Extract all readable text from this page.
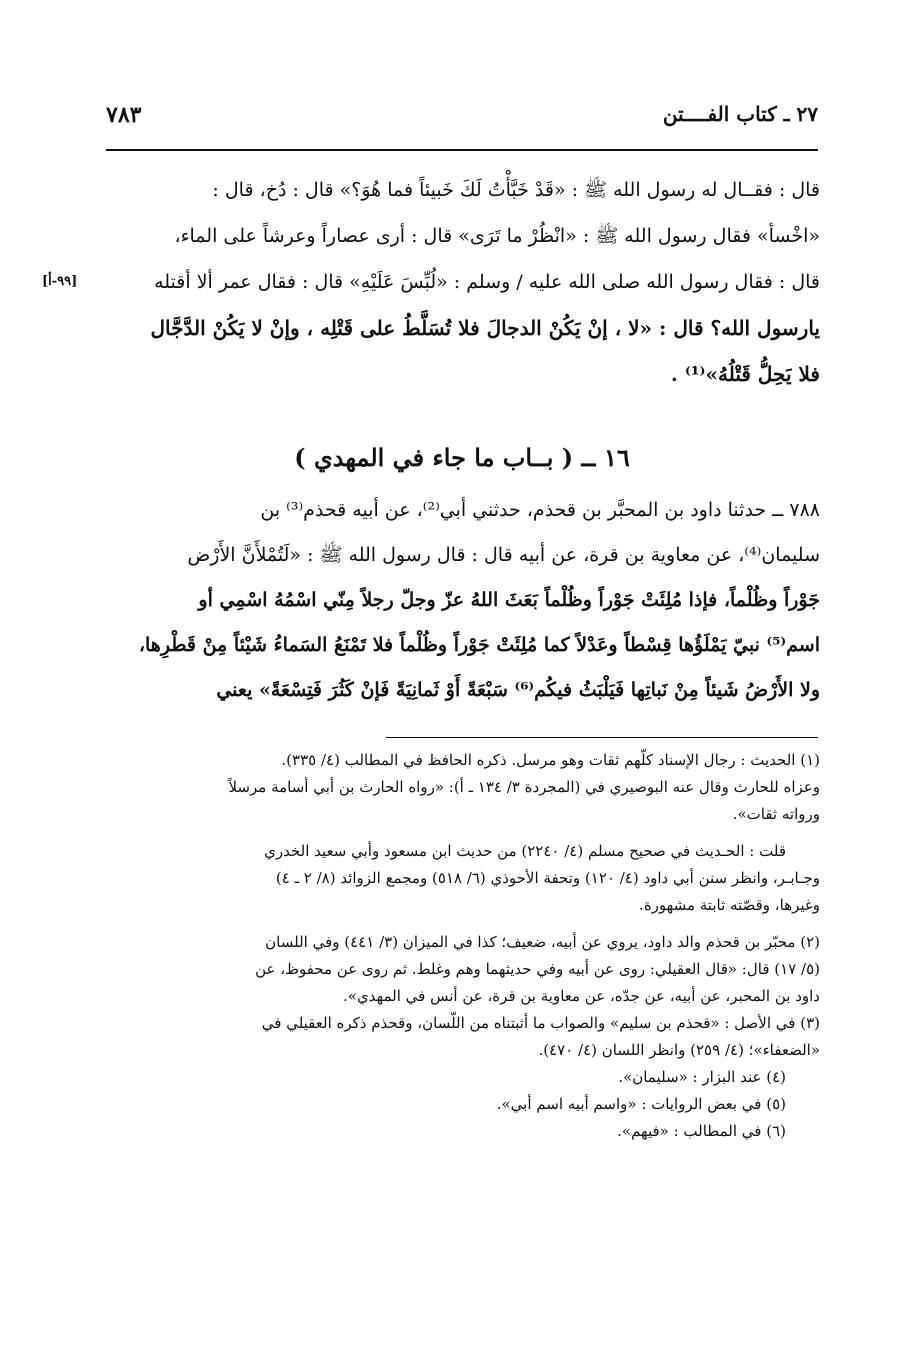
٢٧ ـ كتاب الفــــتن
٧٨٣
قال : فقــال له رسول الله ﷺ : «قَدْ خَبَّأْتُ لَكَ خَبيئاً فما هُوَ؟» قال : دُخ، قال :
«اخْسأ» فقال رسول الله ﷺ : «انْظُرْ ما تَرَى» قال : أرى عصاراً وعرشاً على الماء،
قال : فقال رسول الله صلى الله عليه / وسلم : «لُبِّسَ عَلَيْهِ» قال : فقال عمر ألا أقتله
[٩٩-أ]
يارسول الله؟ قال : «لا ، إنْ يَكُنْ الدجالَ فلا تُسَلَّطُ على قَتْلِه ، وإنْ لا يَكُنْ الدَّجَّال
فلا يَحِلُّ قَتْلُهُ»⁽¹⁾ .
١٦ ــ ( بــاب ما جاء في المهدي )
٧٨٨ ــ حدثنا داود بن المحبَّر بن قحذم، حدثني أبي⁽²⁾، عن أبيه قحذم⁽³⁾ بن
سليمان⁽⁴⁾، عن معاوية بن قرة، عن أبيه قال : قال رسول الله ﷺ : «لَتُمْلأَنَّ الأَرْض
جَوْراً وظُلْماً، فإذا مُلِئَتْ جَوْراً وظُلْماً بَعَثَ اللهُ عزّ وجلّ رجلاً مِنّي اسْمُهُ اسْمِي أو
اسم⁽⁵⁾ نبيّ يَمْلَؤُها قِسْطاً وعَدْلاً كما مُلِئَتْ جَوْراً وظُلْماً فلا تَمْنَعُ السَماءُ شَيْئاً مِنْ قَطْرِها،
ولا الأَرْضُ شَيئاً مِنْ نَباتِها فَيَلْبَثُ فيكُم⁽⁶⁾ سَبْعَةً أَوْ ثَمانِيَةً فَإنْ كَثُرَ فَتِسْعَةً» يعني
(١) الحديث : رجال الإسناد كلّهم ثقات وهو مرسل. ذكره الحافظ في المطالب (٤/ ٣٣٥).
وعزاه للحارث وقال عنه البوصيري في (المجردة ٣/ ١٣٤ ـ أ): «رواه الحارث بن أبي أسامة مرسلاً
ورواته ثقات».
قلت : الحـديث في صحيح مسلم (٤/ ٢٢٤٠) من حديث ابن مسعود وأبي سعيد الخدري
وجـابـر، وانظر سنن أبي داود (٤/ ١٢٠) وتحفة الأحوذي (٦/ ٥١٨) ومجمع الزوائد (٨/ ٢ ـ ٤)
وغيرها، وقصّته ثابتة مشهورة.
(٢) محبّر بن قحذم والد داود، يروي عن أبيه، ضعيف؛ كذا في الميزان (٣/ ٤٤١) وفي اللسان
(٥/ ١٧) قال: «قال العقيلي: روى عن أبيه وفي حديثهما وهم وغلط. ثم روى عن محفوظ، عن
داود بن المحبر، عن أبيه، عن جدّه، عن معاوية بن قرة، عن أنس في المهدي».
(٣) في الأصل : «قحذم بن سليم» والصواب ما أثبتناه من اللّسان، وقحذم ذكره العقيلي في
«الضعفاء»؛ (٤/ ٢٥٩) وانظر اللسان (٤/ ٤٧٠).
(٤) عند البزار : «سليمان».
(٥) في بعض الروايات : «واسم أبيه اسم أبي».
(٦) في المطالب : «فيهم».
